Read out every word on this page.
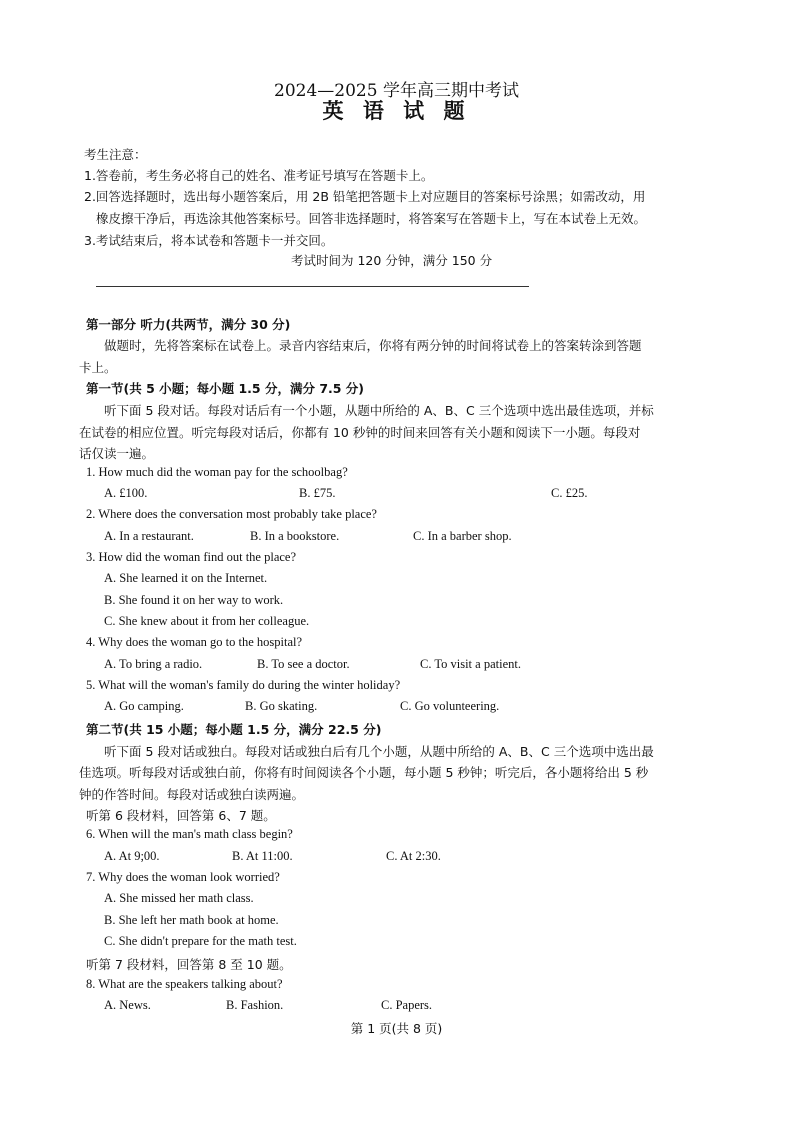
2024—2025 学年高三期中考试
英 语 试 题
考生注意：
1.答卷前，考生务必将自己的姓名、准考证号填写在答题卡上。
2.回答选择题时，选出每小题答案后，用 2B 铅笔把答题卡上对应题目的答案标号涂黑；如需改动，用
橡皮擦干净后，再选涂其他答案标号。回答非选择题时，将答案写在答题卡上，写在本试卷上无效。
3.考试结束后，将本试卷和答题卡一并交回。
考试时间为 120 分钟，满分 150 分
第一部分 听力(共两节，满分 30 分)
做题时，先将答案标在试卷上。录音内容结束后，你将有两分钟的时间将试卷上的答案转涂到答题
卡上。
第一节(共 5 小题；每小题 1.5 分，满分 7.5 分)
听下面 5 段对话。每段对话后有一个小题，从题中所给的 A、B、C 三个选项中选出最佳选项，并标
在试卷的相应位置。听完每段对话后，你都有 10 秒钟的时间来回答有关小题和阅读下一小题。每段对
话仅读一遍。
1. How much did the woman pay for the schoolbag?
A. £100.	B. £75.	C. £25.
2. Where does the conversation most probably take place?
A. In a restaurant.	B. In a bookstore.	C. In a barber shop.
3. How did the woman find out the place?
A. She learned it on the Internet.
B. She found it on her way to work.
C. She knew about it from her colleague.
4. Why does the woman go to the hospital?
A. To bring a radio.	B. To see a doctor.	C. To visit a patient.
5. What will the woman's family do during the winter holiday?
A. Go camping.	B. Go skating.	C. Go volunteering.
第二节(共 15 小题；每小题 1.5 分，满分 22.5 分)
听下面 5 段对话或独白。每段对话或独白后有几个小题，从题中所给的 A、B、C 三个选项中选出最
佳选项。听每段对话或独白前，你将有时间阅读各个小题，每小题 5 秒钟；听完后，各小题将给出 5 秒
钟的作答时间。每段对话或独白读两遍。
听第 6 段材料，回答第 6、7 题。
6. When will the man's math class begin?
A. At 9;00.	B. At 11:00.	C. At 2:30.
7. Why does the woman look worried?
A. She missed her math class.
B. She left her math book at home.
C. She didn't prepare for the math test.
听第 7 段材料，回答第 8 至 10 题。
8. What are the speakers talking about?
A. News.	B. Fashion.	C. Papers.
第 1 页(共 8 页)
